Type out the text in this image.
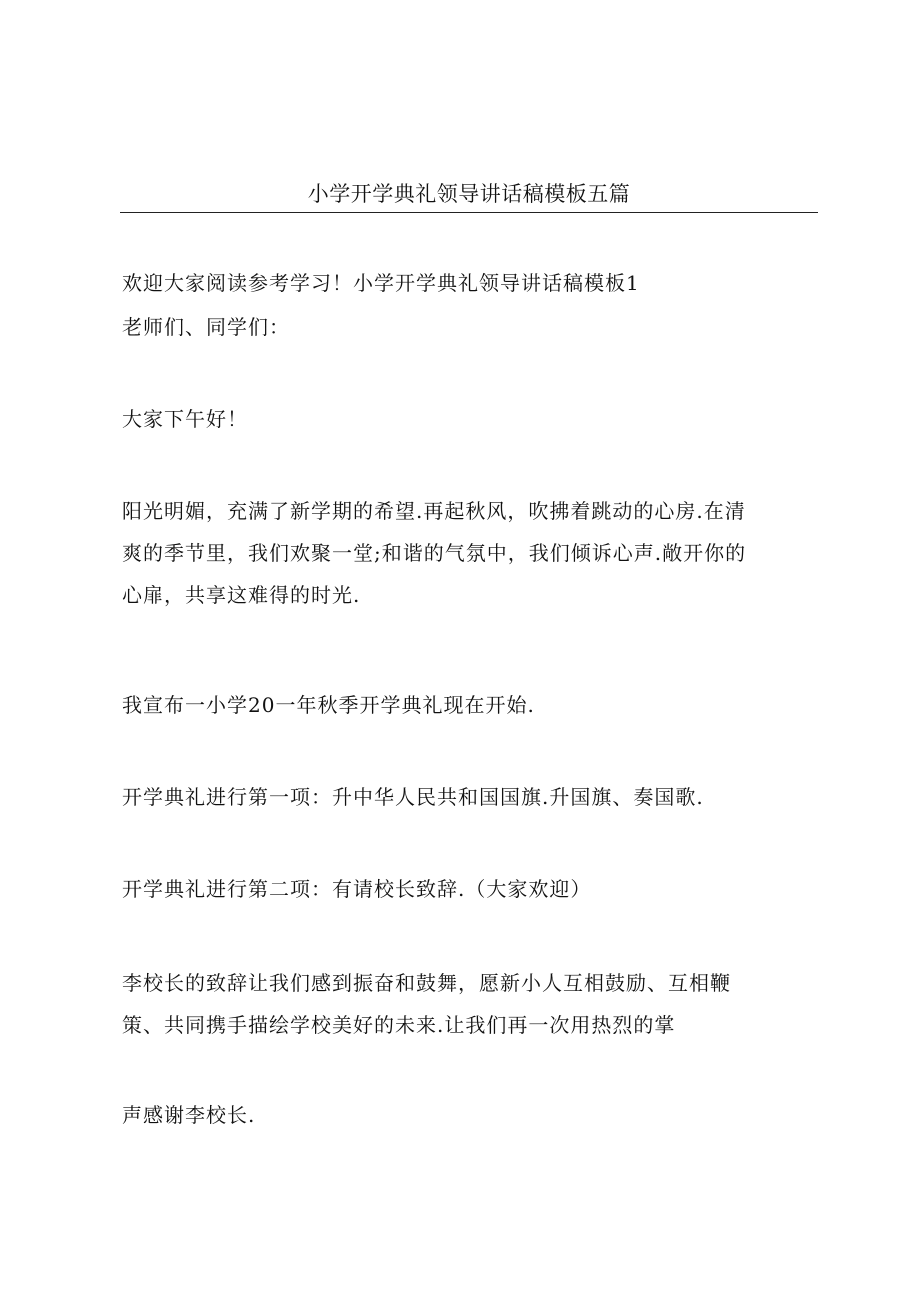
小学开学典礼领导讲话稿模板五篇
欢迎大家阅读参考学习！小学开学典礼领导讲话稿模板1
老师们、同学们：
大家下午好！
阳光明媚，充满了新学期的希望.再起秋风，吹拂着跳动的心房.在清
爽的季节里，我们欢聚一堂;和谐的气氛中，我们倾诉心声.敞开你的
心扉，共享这难得的时光.
我宣布一小学20一年秋季开学典礼现在开始.
开学典礼进行第一项：升中华人民共和国国旗.升国旗、奏国歌.
开学典礼进行第二项：有请校长致辞.（大家欢迎）
李校长的致辞让我们感到振奋和鼓舞，愿新小人互相鼓励、互相鞭
策、共同携手描绘学校美好的未来.让我们再一次用热烈的掌
声感谢李校长.
